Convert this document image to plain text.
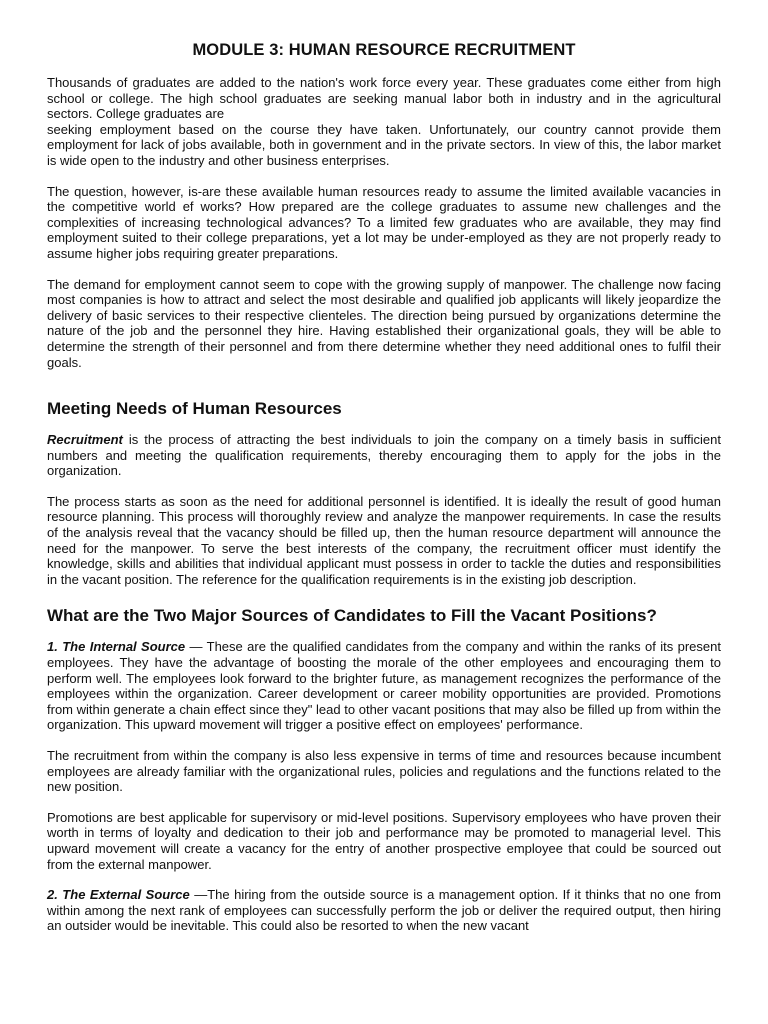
MODULE 3: HUMAN RESOURCE RECRUITMENT

Thousands of graduates are added to the nation's work force every year. These graduates come either from high school or college. The high school graduates are seeking manual labor both in industry and in the agricultural sectors. College graduates are
seeking employment based on the course they have taken. Unfortunately, our country cannot provide them employment for lack of jobs available, both in government and in the private sectors. In view of this, the labor market is wide open to the industry and other business enterprises.

The question, however, is-are these available human resources ready to assume the limited available vacancies in the competitive world ef works? How prepared are the college graduates to assume new challenges and the complexities of increasing technological advances? To a limited few graduates who are available, they may find employment suited to their college preparations, yet a lot may be under-employed as they are not properly ready to assume higher jobs requiring greater preparations.

The demand for employment cannot seem to cope with the growing supply of manpower. The challenge now facing most companies is how to attract and select the most desirable and qualified job applicants will likely jeopardize the delivery of basic services to their respective clienteles. The direction being pursued by organizations determine the nature of the job and the personnel they hire. Having established their organizational goals, they will be able to determine the strength of their personnel and from there determine whether they need additional ones to fulfil their goals.

Meeting Needs of Human Resources

Recruitment is the process of attracting the best individuals to join the company on a timely basis in sufficient numbers and meeting the qualification requirements, thereby encouraging them to apply for the jobs in the organization.

The process starts as soon as the need for additional personnel is identified. It is ideally the result of good human resource planning. This process will thoroughly review and analyze the manpower requirements. In case the results of the analysis reveal that the vacancy should be filled up, then the human resource department will announce the need for the manpower. To serve the best interests of the company, the recruitment officer must identify the knowledge, skills and abilities that individual applicant must possess in order to tackle the duties and responsibilities in the vacant position. The reference for the qualification requirements is in the existing job description.

What are the Two Major Sources of Candidates to Fill the Vacant Positions?

1. The Internal Source — These are the qualified candidates from the company and within the ranks of its present employees. They have the advantage of boosting the morale of the other employees and encouraging them to perform well. The employees look forward to the brighter future, as management recognizes the performance of the employees within the organization. Career development or career mobility opportunities are provided. Promotions from within generate a chain effect since they" lead to other vacant positions that may also be filled up from within the organization. This upward movement will trigger a positive effect on employees' performance.

The recruitment from within the company is also less expensive in terms of time and resources because incumbent employees are already familiar with the organizational rules, policies and regulations and the functions related to the new position.

Promotions are best applicable for supervisory or mid-level positions. Supervisory employees who have proven their worth in terms of loyalty and dedication to their job and performance may be promoted to managerial level. This upward movement will create a vacancy for the entry of another prospective employee that could be sourced out from the external manpower.

2. The External Source —The hiring from the outside source is a management option. If it thinks that no one from within among the next rank of employees can successfully perform the job or deliver the required output, then hiring an outsider would be inevitable. This could also be resorted to when the new vacant
